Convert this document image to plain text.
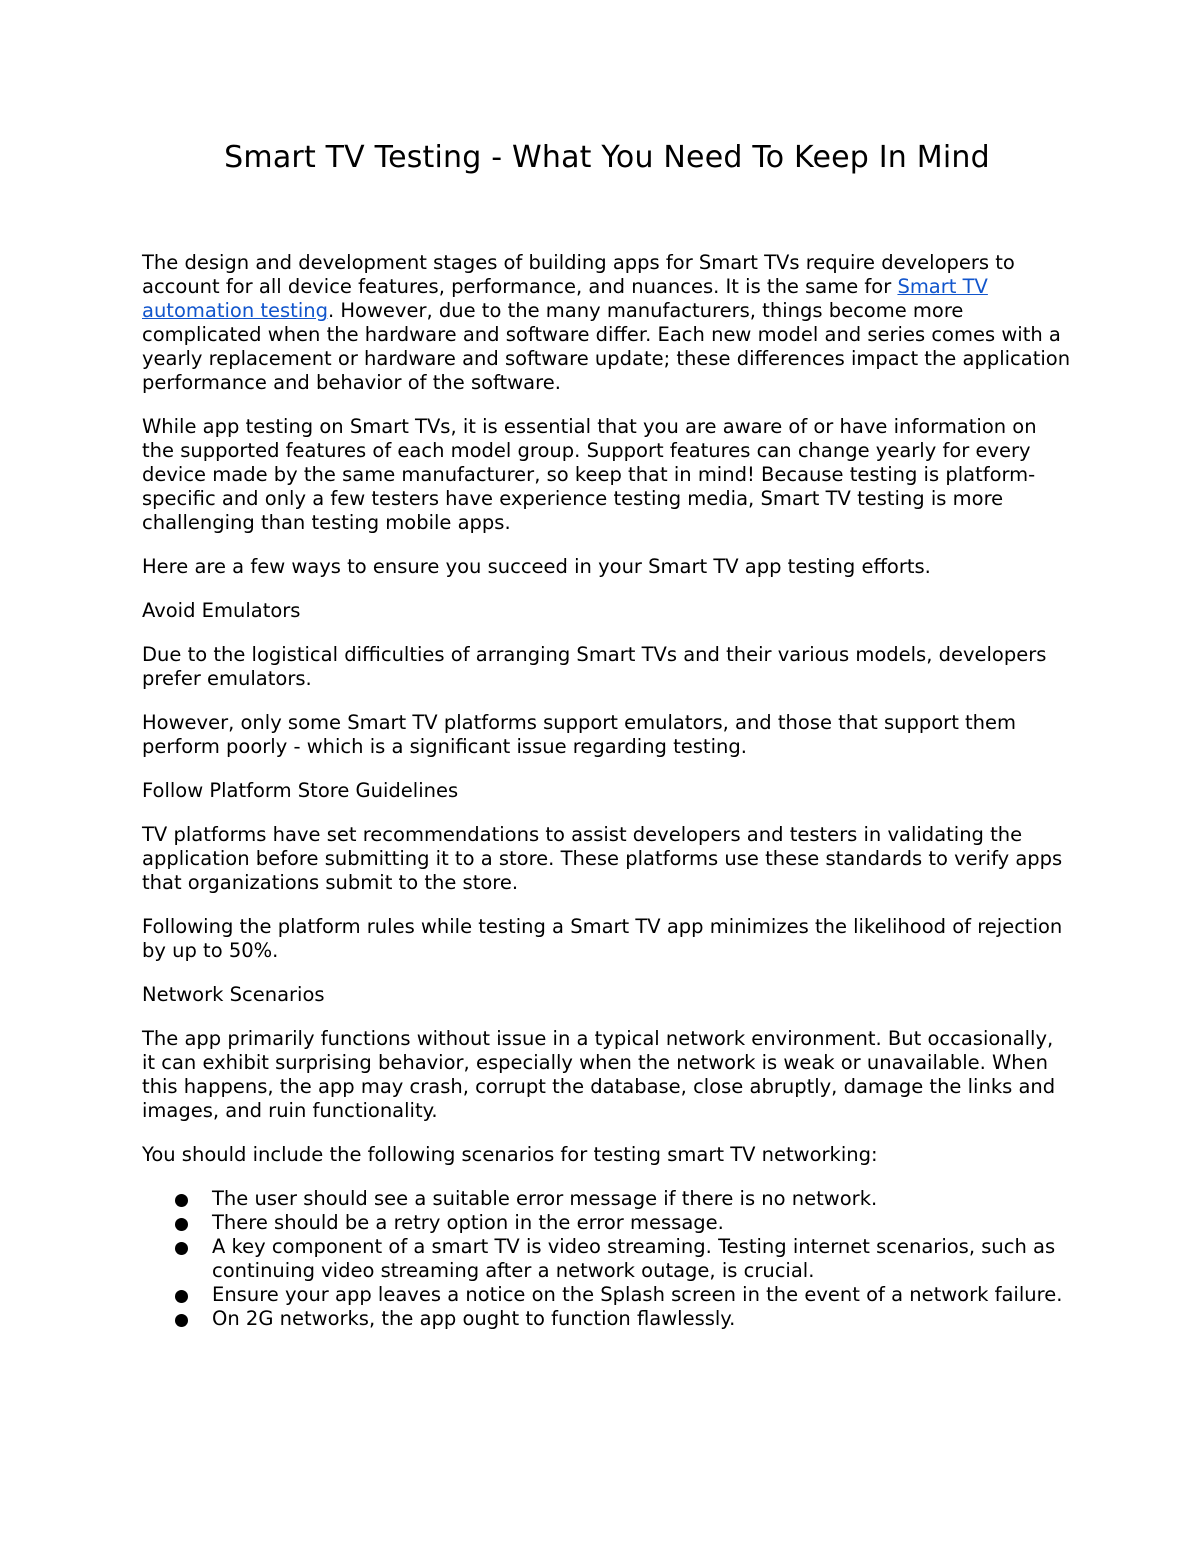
Smart TV Testing - What You Need To Keep In Mind

The design and development stages of building apps for Smart TVs require developers to account for all device features, performance, and nuances. It is the same for Smart TV automation testing. However, due to the many manufacturers, things become more complicated when the hardware and software differ. Each new model and series comes with a yearly replacement or hardware and software update; these differences impact the application performance and behavior of the software.

While app testing on Smart TVs, it is essential that you are aware of or have information on the supported features of each model group. Support features can change yearly for every device made by the same manufacturer, so keep that in mind! Because testing is platform-specific and only a few testers have experience testing media, Smart TV testing is more challenging than testing mobile apps.

Here are a few ways to ensure you succeed in your Smart TV app testing efforts.

Avoid Emulators

Due to the logistical difficulties of arranging Smart TVs and their various models, developers prefer emulators.

However, only some Smart TV platforms support emulators, and those that support them perform poorly - which is a significant issue regarding testing.

Follow Platform Store Guidelines

TV platforms have set recommendations to assist developers and testers in validating the application before submitting it to a store. These platforms use these standards to verify apps that organizations submit to the store.

Following the platform rules while testing a Smart TV app minimizes the likelihood of rejection by up to 50%.

Network Scenarios

The app primarily functions without issue in a typical network environment. But occasionally, it can exhibit surprising behavior, especially when the network is weak or unavailable. When this happens, the app may crash, corrupt the database, close abruptly, damage the links and images, and ruin functionality.

You should include the following scenarios for testing smart TV networking:

The user should see a suitable error message if there is no network.
There should be a retry option in the error message.
A key component of a smart TV is video streaming. Testing internet scenarios, such as continuing video streaming after a network outage, is crucial.
Ensure your app leaves a notice on the Splash screen in the event of a network failure.
On 2G networks, the app ought to function flawlessly.
